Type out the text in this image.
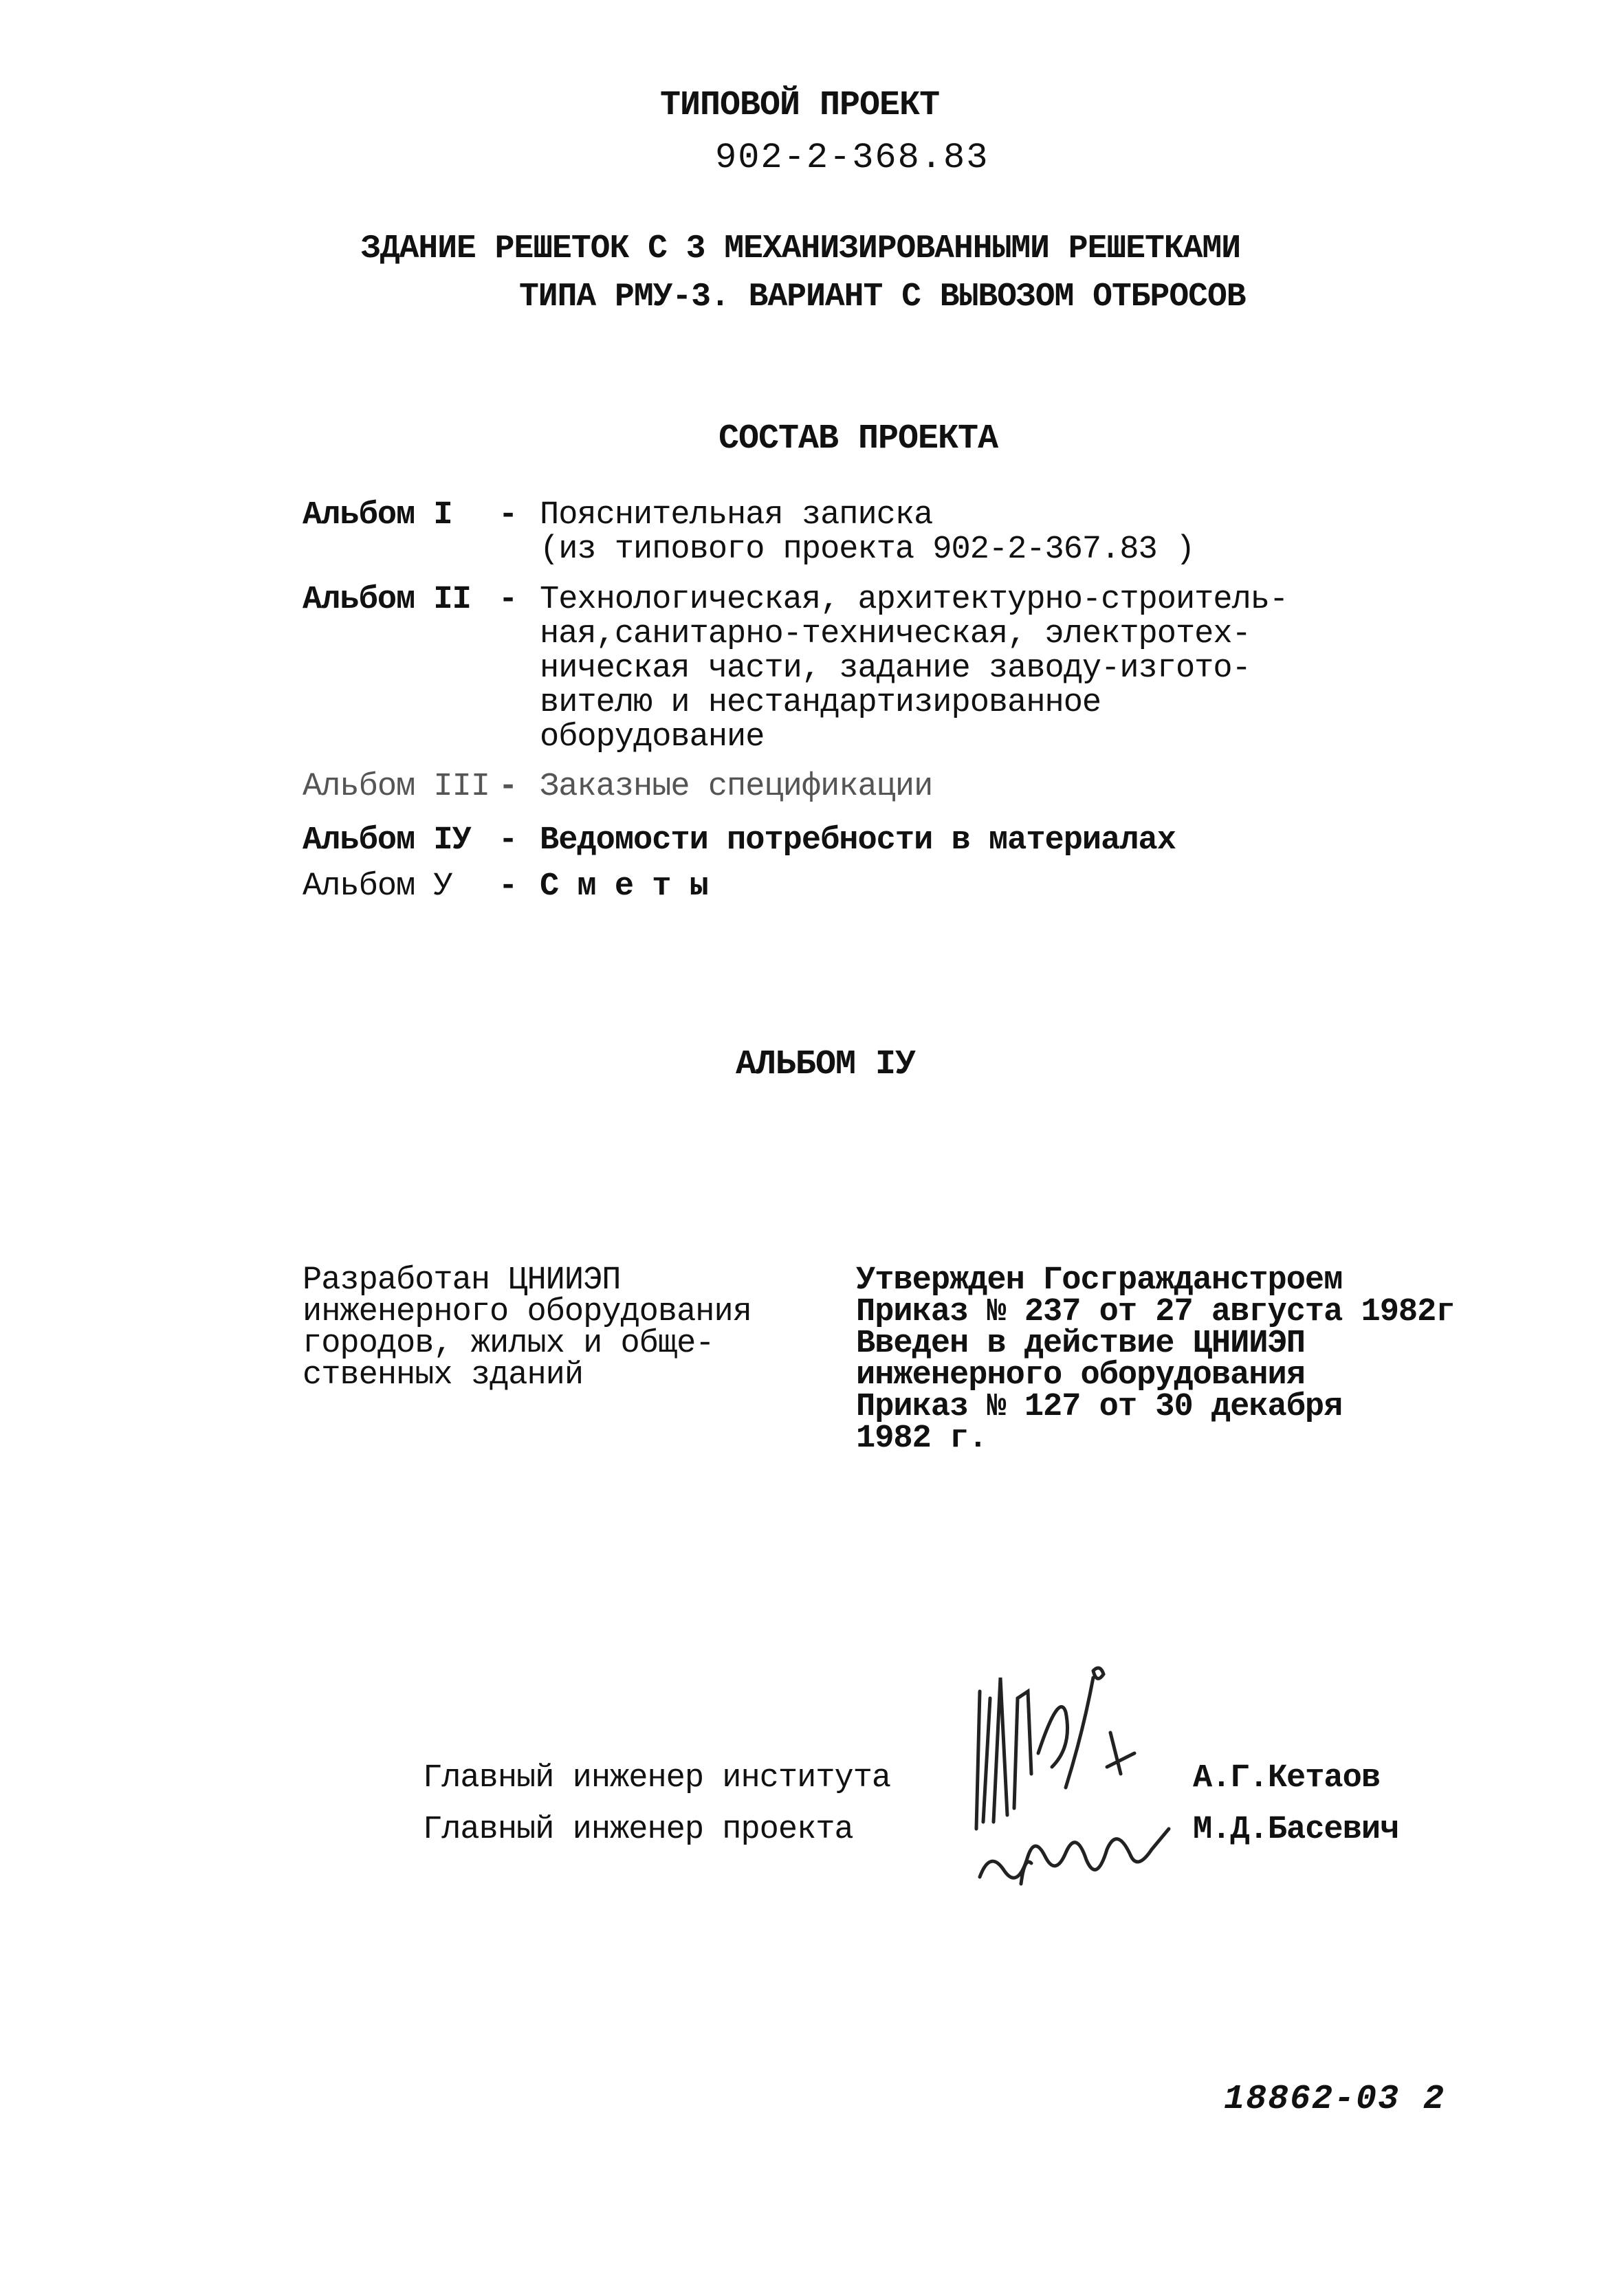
ТИПОВОЙ ПРОЕКТ
902-2-368.83
ЗДАНИЕ РЕШЕТОК С 3 МЕХАНИЗИРОВАННЫМИ РЕШЕТКАМИ
ТИПА РМУ-3. ВАРИАНТ С ВЫВОЗОМ ОТБРОСОВ
СОСТАВ ПРОЕКТА
Альбом I	- Пояснительная записка
(из типового проекта 902-2-367.83 )
Альбом II - Технологическая, архитектурно-строитель-
ная,санитарно-техническая, электротех-
ническая части, задание заводу-изгото-
вителю и нестандартизированное
оборудование
Альбом III - Заказные спецификации
Альбом IУ - Ведомости потребности в материалах
Альбом У	- С м е т ы
АЛЬБОМ IУ
Разработан ЦНИИЭП
инженерного оборудования
городов, жилых и обще-
ственных зданий
Утвержден Госгражданстроем
Приказ № 237 от 27 августа 1982г
Введен в действие ЦНИИЭП
инженерного оборудования
Приказ № 127 от 30 декабря
1982 г.
Главный инженер института
Главный инженер проекта
А.Г.Кетаов
М.Д.Басевич
18862-03 2
